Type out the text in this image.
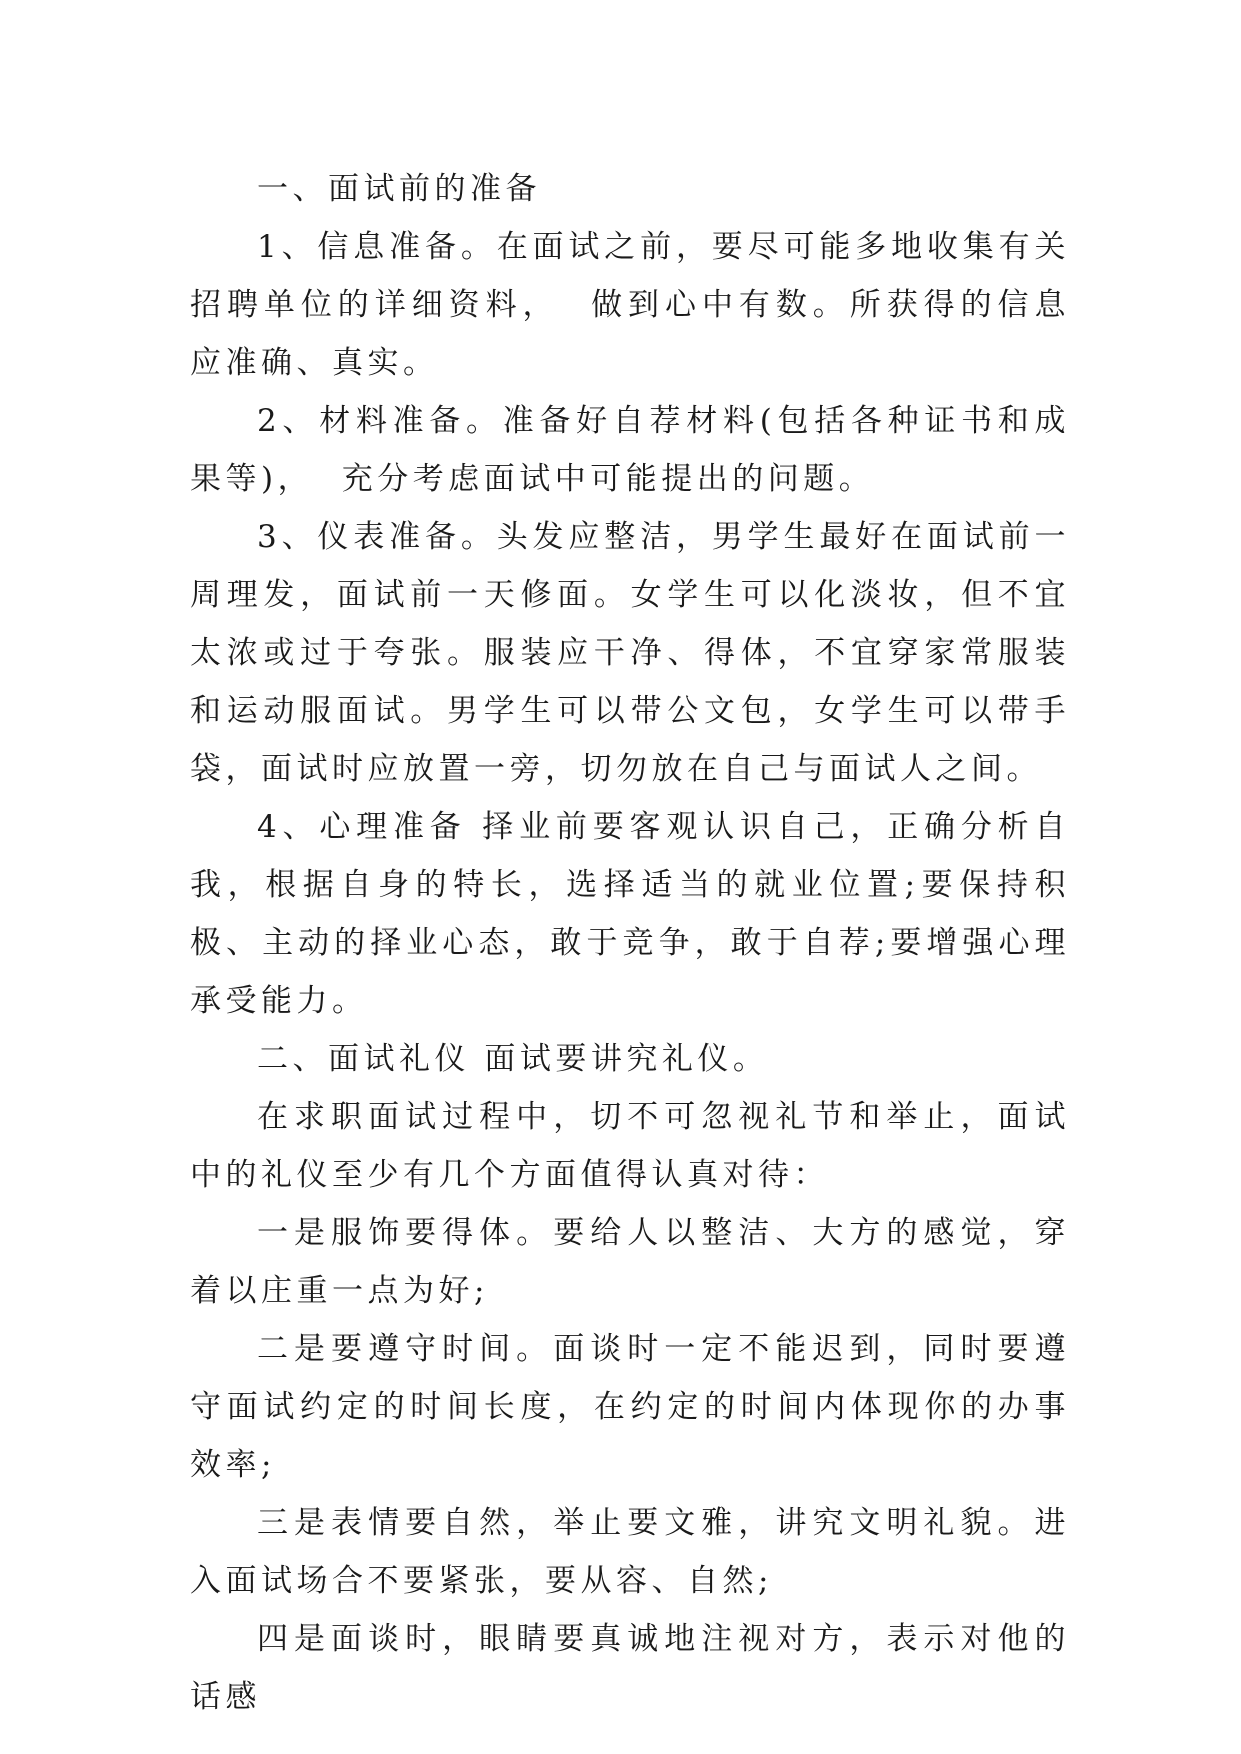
一、面试前的准备

1、信息准备。在面试之前，要尽可能多地收集有关招聘单位的详细资料，  做到心中有数。所获得的信息应准确、真实。

2、材料准备。准备好自荐材料(包括各种证书和成果等)，  充分考虑面试中可能提出的问题。

3、仪表准备。头发应整洁，男学生最好在面试前一周理发，面试前一天修面。女学生可以化淡妆，但不宜太浓或过于夸张。服装应干净、得体，不宜穿家常服装和运动服面试。男学生可以带公文包，女学生可以带手袋，面试时应放置一旁，切勿放在自己与面试人之间。

4、心理准备 择业前要客观认识自己，正确分析自我，根据自身的特长，选择适当的就业位置;要保持积极、主动的择业心态，敢于竞争，敢于自荐;要增强心理承受能力。

二、面试礼仪 面试要讲究礼仪。

在求职面试过程中，切不可忽视礼节和举止，面试中的礼仪至少有几个方面值得认真对待：

一是服饰要得体。要给人以整洁、大方的感觉，穿着以庄重一点为好;

二是要遵守时间。面谈时一定不能迟到，同时要遵守面试约定的时间长度，在约定的时间内体现你的办事效率;

三是表情要自然，举止要文雅，讲究文明礼貌。进入面试场合不要紧张，要从容、自然;

四是面谈时，眼睛要真诚地注视对方，表示对他的话感
